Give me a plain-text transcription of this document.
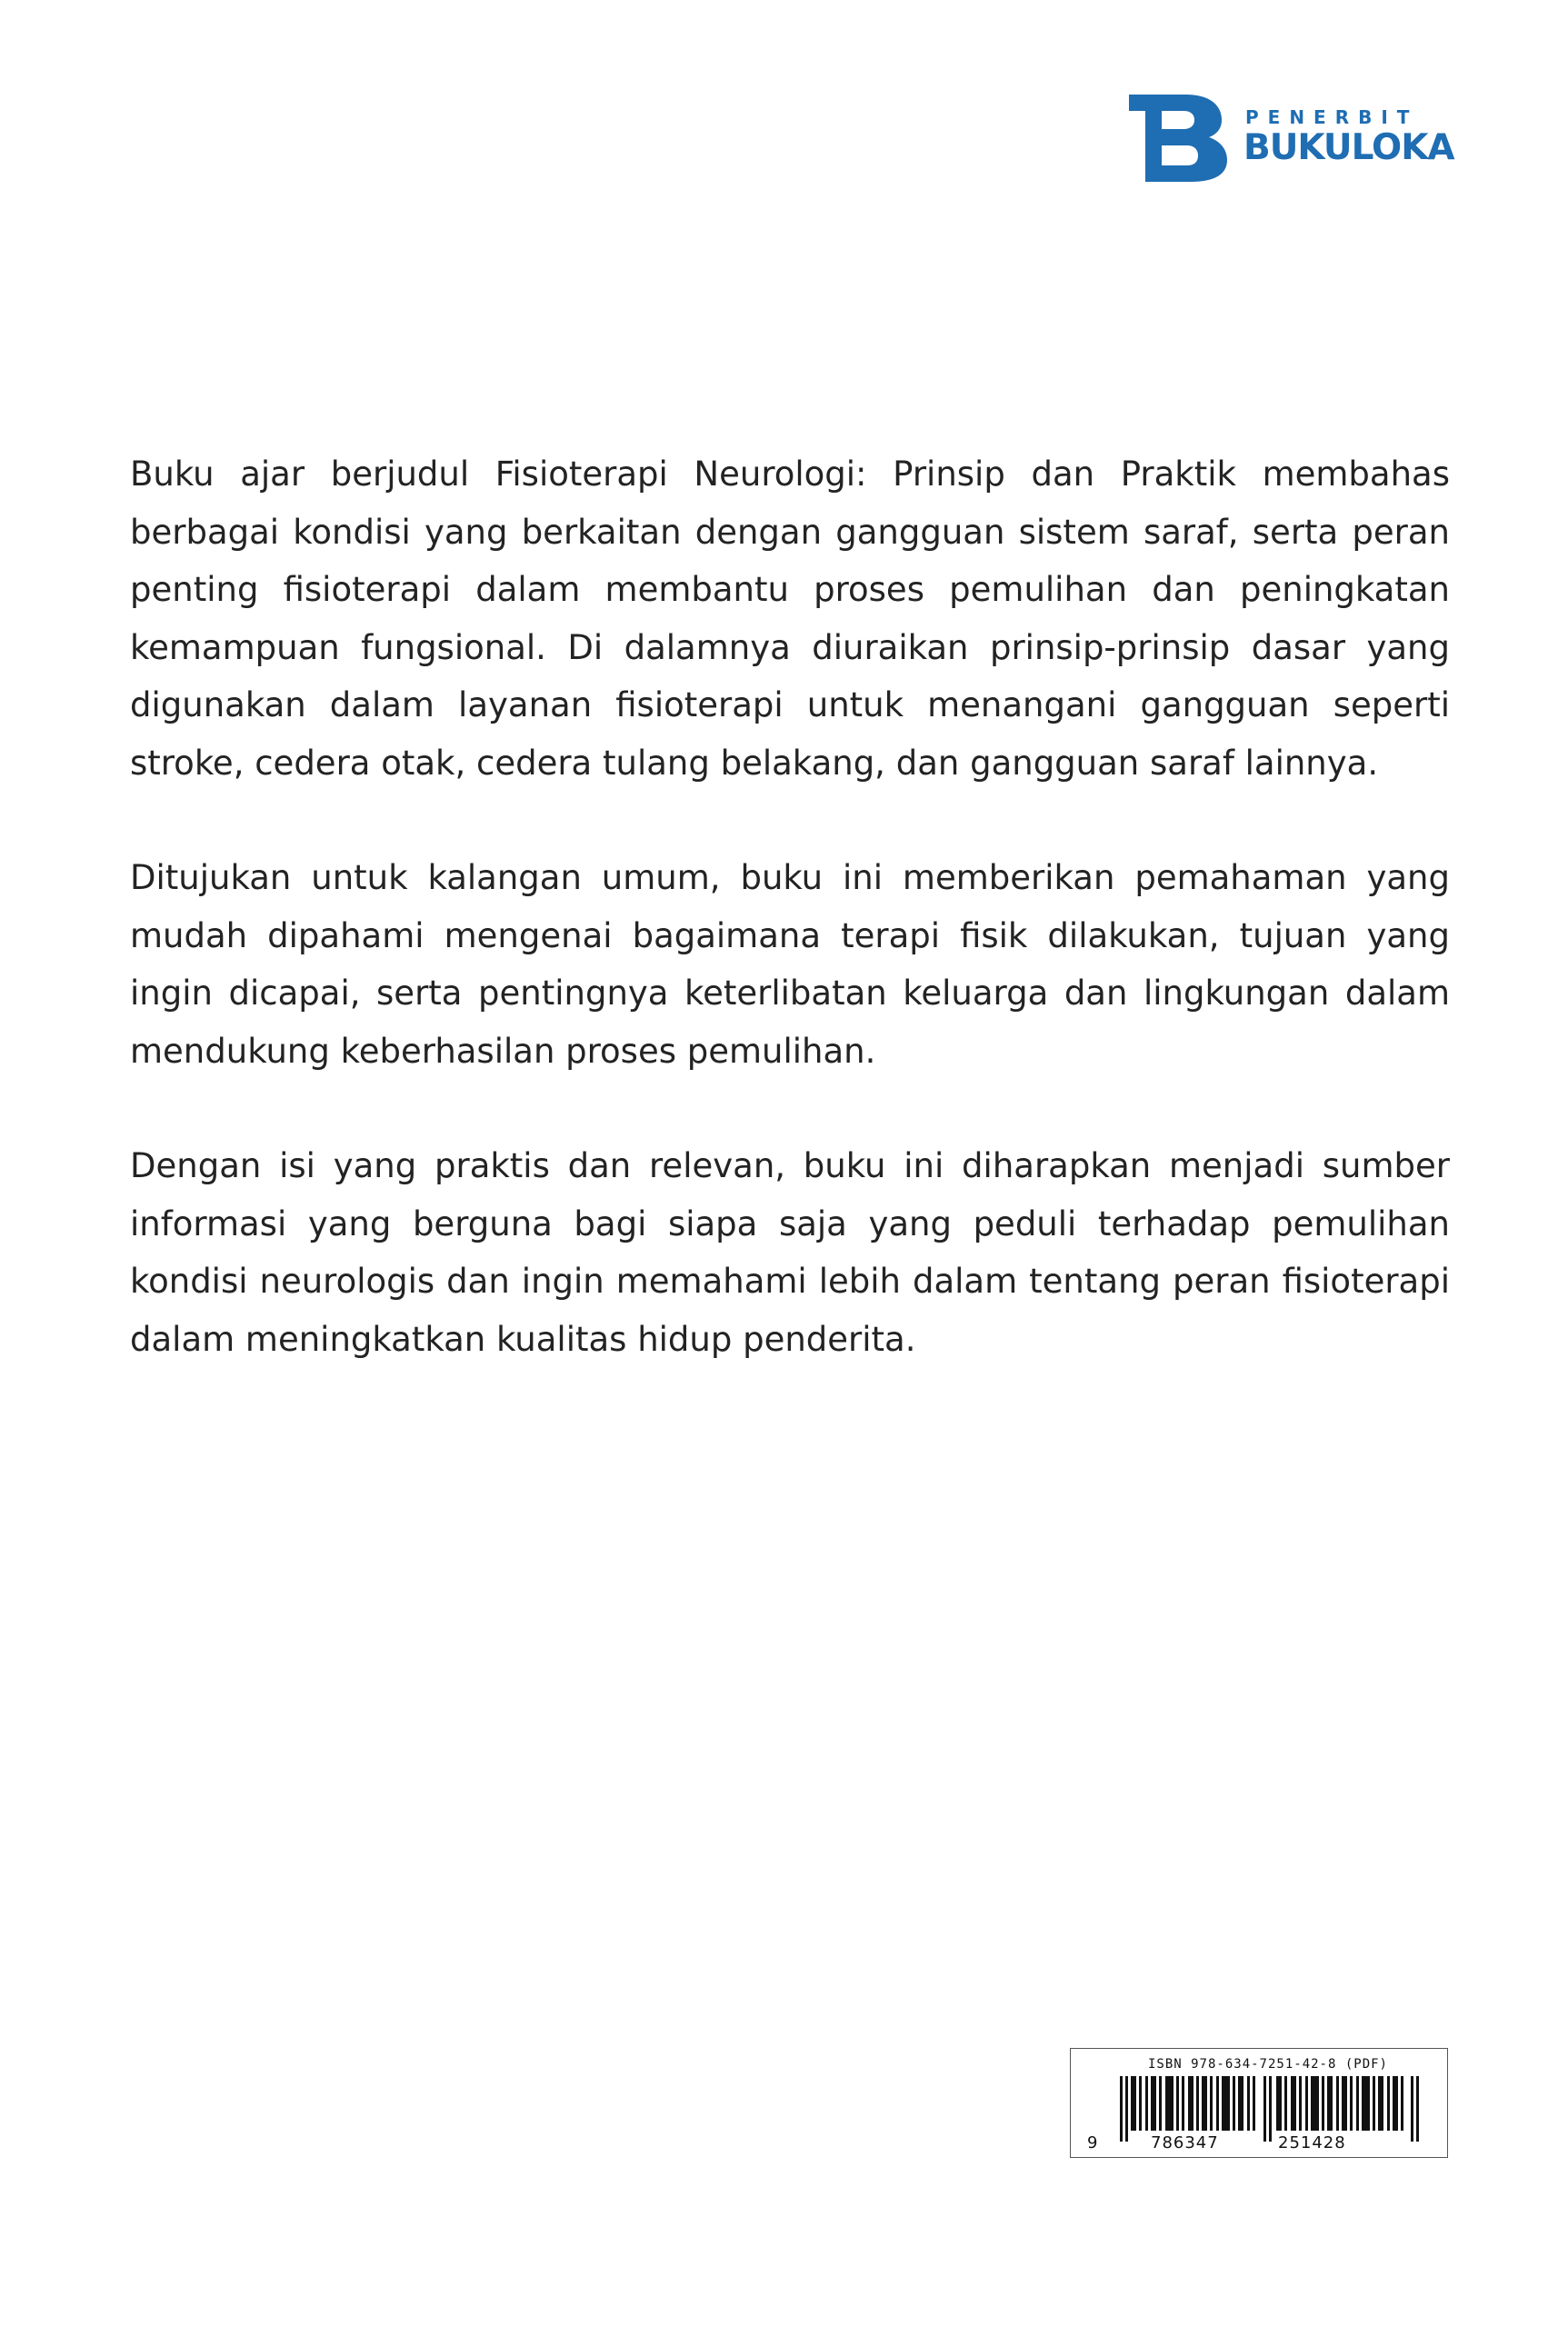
PENERBIT
BUKULOKA

Buku ajar berjudul Fisioterapi Neurologi: Prinsip dan Praktik membahas berbagai kondisi yang berkaitan dengan gangguan sistem saraf, serta peran penting fisioterapi dalam membantu proses pemulihan dan peningkatan kemampuan fungsional. Di dalamnya diuraikan prinsip-prinsip dasar yang digunakan dalam layanan fisioterapi untuk menangani gangguan seperti stroke, cedera otak, cedera tulang belakang, dan gangguan saraf lainnya.

Ditujukan untuk kalangan umum, buku ini memberikan pemahaman yang mudah dipahami mengenai bagaimana terapi fisik dilakukan, tujuan yang ingin dicapai, serta pentingnya keterlibatan keluarga dan lingkungan dalam mendukung keberhasilan proses pemulihan.

Dengan isi yang praktis dan relevan, buku ini diharapkan menjadi sumber informasi yang berguna bagi siapa saja yang peduli terhadap pemulihan kondisi neurologis dan ingin memahami lebih dalam tentang peran fisioterapi dalam meningkatkan kualitas hidup penderita.

ISBN 978-634-7251-42-8 (PDF)
9	786347	251428
